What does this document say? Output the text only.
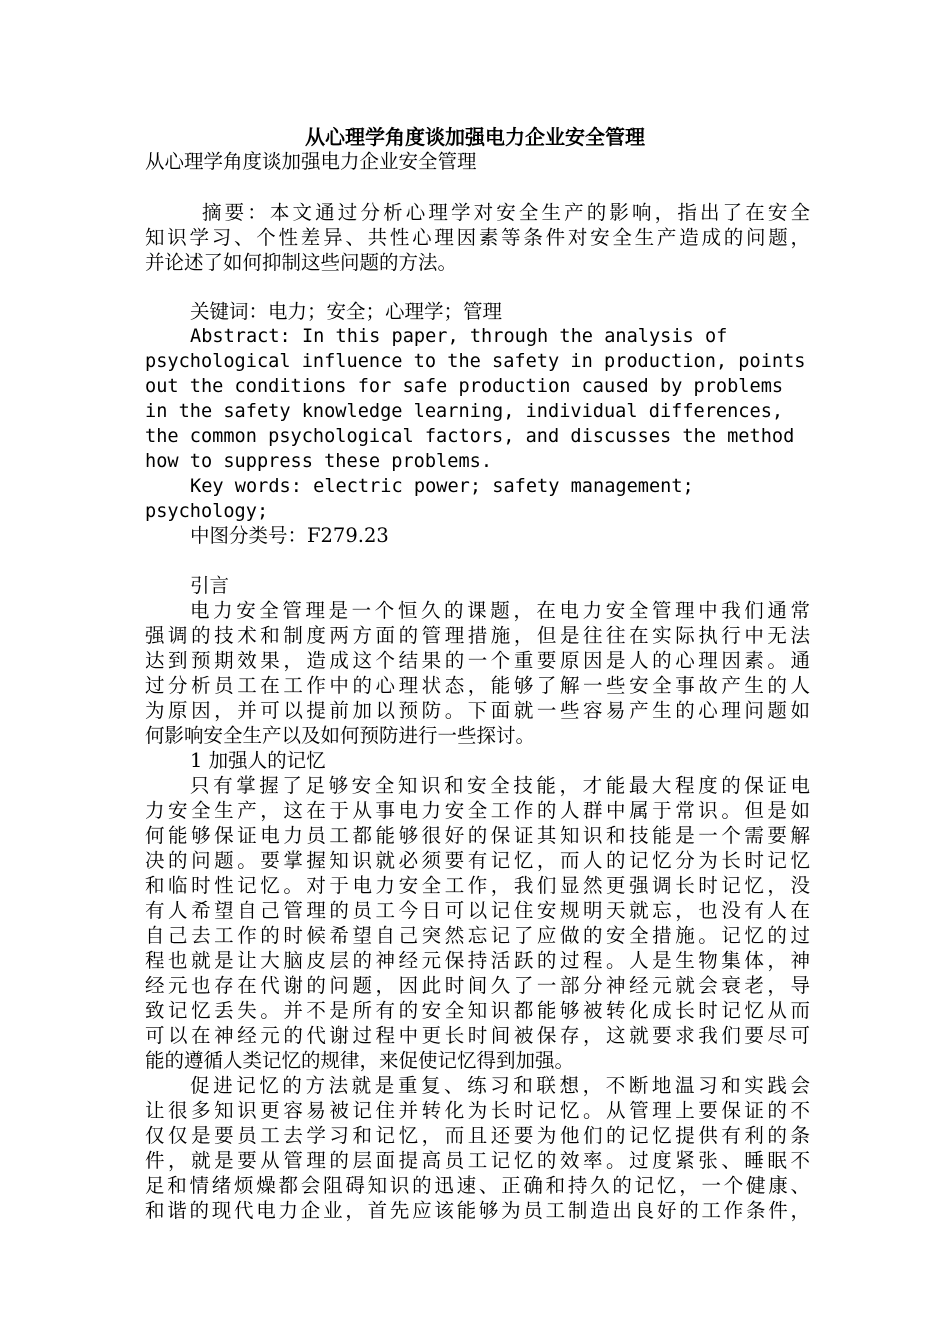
从心理学角度谈加强电力企业安全管理
从心理学角度谈加强电力企业安全管理
摘要：本文通过分析心理学对安全生产的影响，指出了在安全
知识学习、个性差异、共性心理因素等条件对安全生产造成的问题，
并论述了如何抑制这些问题的方法。
关键词：电力；安全；心理学；管理
Abstract: In this paper, through the analysis of
psychological influence to the safety in production, points
out the conditions for safe production caused by problems
in the safety knowledge learning, individual differences,
the common psychological factors, and discusses the method
how to suppress these problems.
Key words: electric power; safety management;
psychology;
中图分类号：F279.23
引言
电力安全管理是一个恒久的课题，在电力安全管理中我们通常
强调的技术和制度两方面的管理措施，但是往往在实际执行中无法
达到预期效果，造成这个结果的一个重要原因是人的心理因素。通
过分析员工在工作中的心理状态，能够了解一些安全事故产生的人
为原因，并可以提前加以预防。下面就一些容易产生的心理问题如
何影响安全生产以及如何预防进行一些探讨。
1 加强人的记忆
只有掌握了足够安全知识和安全技能，才能最大程度的保证电
力安全生产，这在于从事电力安全工作的人群中属于常识。但是如
何能够保证电力员工都能够很好的保证其知识和技能是一个需要解
决的问题。要掌握知识就必须要有记忆，而人的记忆分为长时记忆
和临时性记忆。对于电力安全工作，我们显然更强调长时记忆，没
有人希望自己管理的员工今日可以记住安规明天就忘，也没有人在
自己去工作的时候希望自己突然忘记了应做的安全措施。记忆的过
程也就是让大脑皮层的神经元保持活跃的过程。人是生物集体，神
经元也存在代谢的问题，因此时间久了一部分神经元就会衰老，导
致记忆丢失。并不是所有的安全知识都能够被转化成长时记忆从而
可以在神经元的代谢过程中更长时间被保存，这就要求我们要尽可
能的遵循人类记忆的规律，来促使记忆得到加强。
促进记忆的方法就是重复、练习和联想，不断地温习和实践会
让很多知识更容易被记住并转化为长时记忆。从管理上要保证的不
仅仅是要员工去学习和记忆，而且还要为他们的记忆提供有利的条
件，就是要从管理的层面提高员工记忆的效率。过度紧张、睡眠不
足和情绪烦燥都会阻碍知识的迅速、正确和持久的记忆，一个健康、
和谐的现代电力企业，首先应该能够为员工制造出良好的工作条件，
